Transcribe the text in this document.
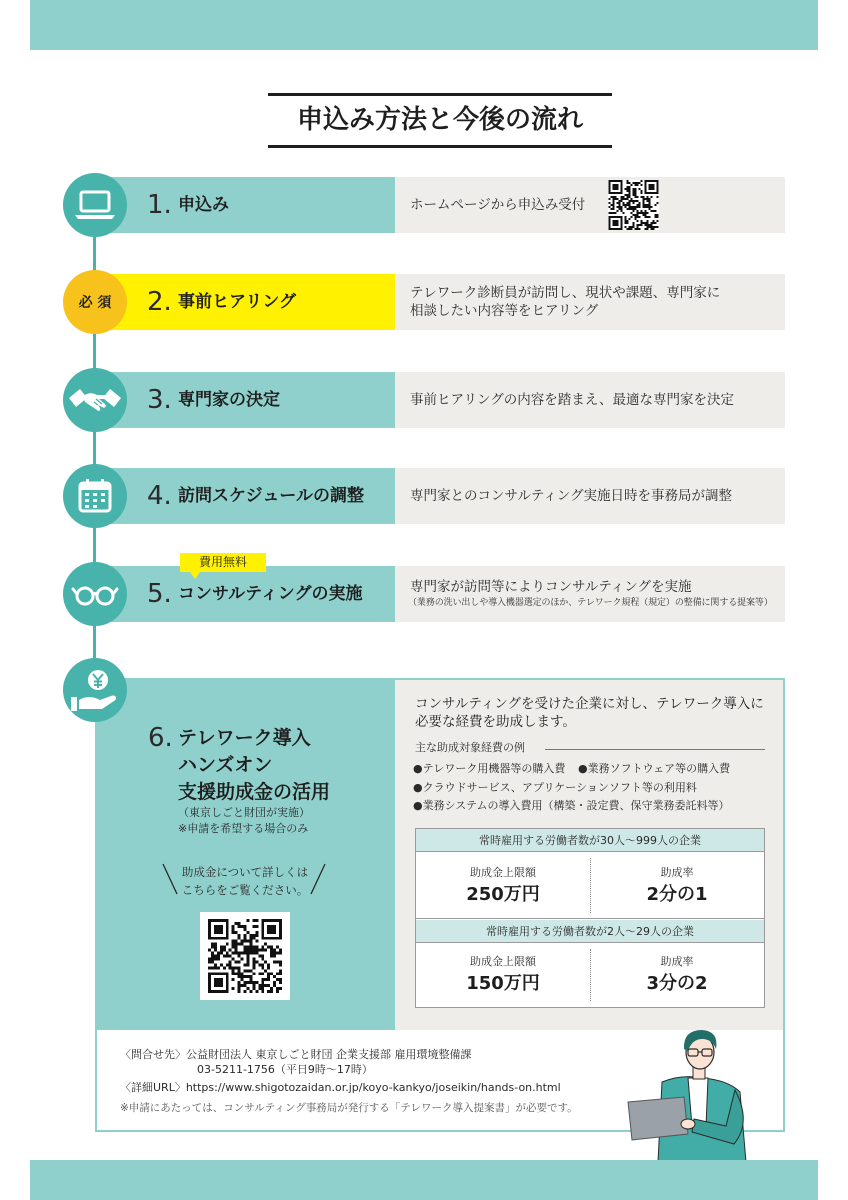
申込み方法と今後の流れ
1. 申込み	ホームページから申込み受付
2. 事前ヒアリング	テレワーク診断員が訪問し、現状や課題、専門家に
相談したい内容等をヒアリング
必 須
3. 専門家の決定	事前ヒアリングの内容を踏まえ、最適な専門家を決定
4. 訪問スケジュールの調整	専門家とのコンサルティング実施日時を事務局が調整
5. コンサルティングの実施	専門家が訪問等によりコンサルティングを実施
（業務の洗い出しや導入機器選定のほか、テレワーク規程（規定）の整備に関する提案等）
費用無料
6. テレワーク導入
ハンズオン
支援助成金の活用
（東京しごと財団が実施）
※申請を希望する場合のみ
助成金について詳しくは
こちらをご覧ください。
コンサルティングを受けた企業に対し、テレワーク導入に
必要な経費を助成します。
主な助成対象経費の例
●テレワーク用機器等の購入費 ●業務ソフトウェア等の購入費
●クラウドサービス、アプリケーションソフト等の利用料
●業務システムの導入費用（構築・設定費、保守業務委託料等）
常時雇用する労働者数が30人～999人の企業
助成金上限額
250万円
助成率
2分の1
常時雇用する労働者数が2人～29人の企業
助成金上限額
150万円
助成率
3分の2
〈問合せ先〉公益財団法人 東京しごと財団 企業支援部 雇用環境整備課
03-5211-1756（平日9時～17時）
〈詳細URL〉https://www.shigotozaidan.or.jp/koyo-kankyo/joseikin/hands-on.html
※申請にあたっては、コンサルティング事務局が発行する「テレワーク導入提案書」が必要です。
